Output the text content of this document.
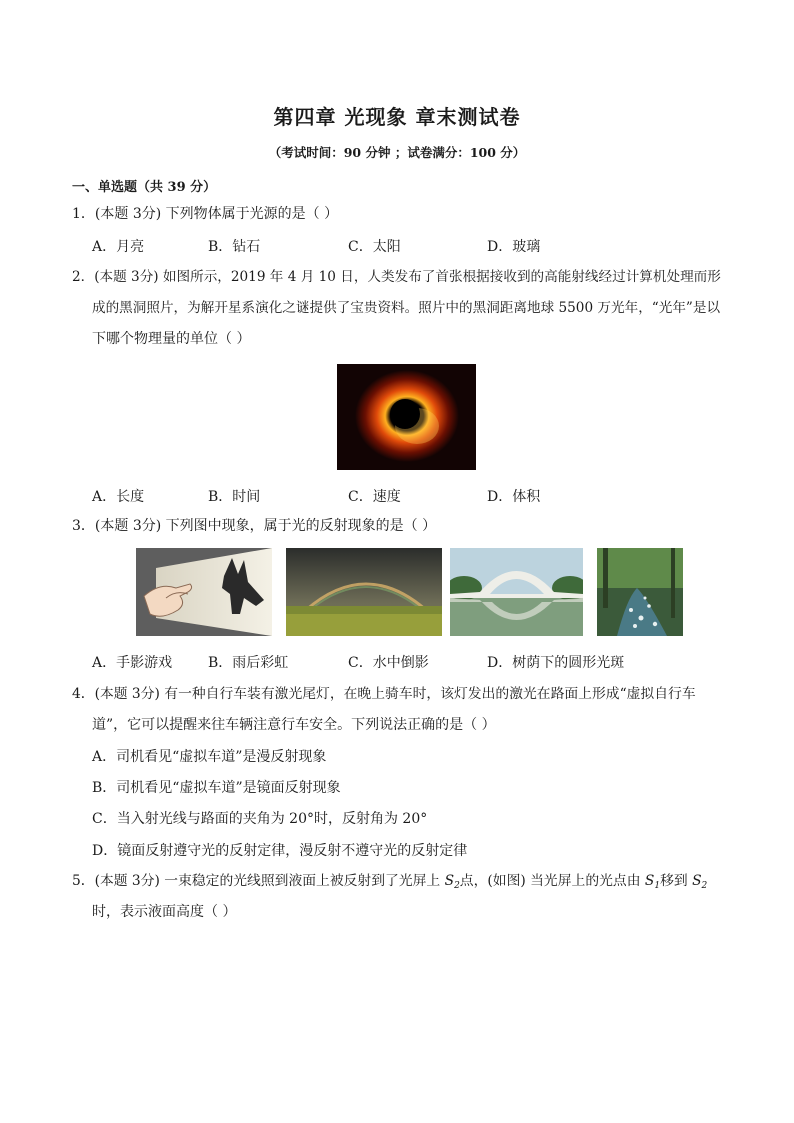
第四章 光现象 章末测试卷
（考试时间：90 分钟 ；试卷满分：100 分）
一、单选题（共 39 分）
1．(本题 3分) 下列物体属于光源的是（ ）
A．月亮	B．钻石	C．太阳	D．玻璃
2．(本题 3分) 如图所示，2019 年 4 月 10 日，人类发布了首张根据接收到的高能射线经过计算机处理而形
成的黑洞照片，为解开星系演化之谜提供了宝贵资料。照片中的黑洞距离地球 5500 万光年，“光年”是以
下哪个物理量的单位（ ）
A．长度	B．时间	C．速度	D．体积
3．(本题 3分) 下列图中现象，属于光的反射现象的是（ ）
A．手影游戏	B．雨后彩虹	C．水中倒影	D．树荫下的圆形光斑
4．(本题 3分) 有一种自行车装有激光尾灯，在晚上骑车时，该灯发出的激光在路面上形成“虚拟自行车
道”，它可以提醒来往车辆注意行车安全。下列说法正确的是（ ）
A．司机看见“虚拟车道”是漫反射现象
B．司机看见“虚拟车道”是镜面反射现象
C．当入射光线与路面的夹角为 20°时，反射角为 20°
D．镜面反射遵守光的反射定律，漫反射不遵守光的反射定律
5．(本题 3分) 一束稳定的光线照到液面上被反射到了光屏上 $S_2$点，(如图) 当光屏上的光点由 $S_1$移到 $S_2$
时，表示液面高度（ ）
